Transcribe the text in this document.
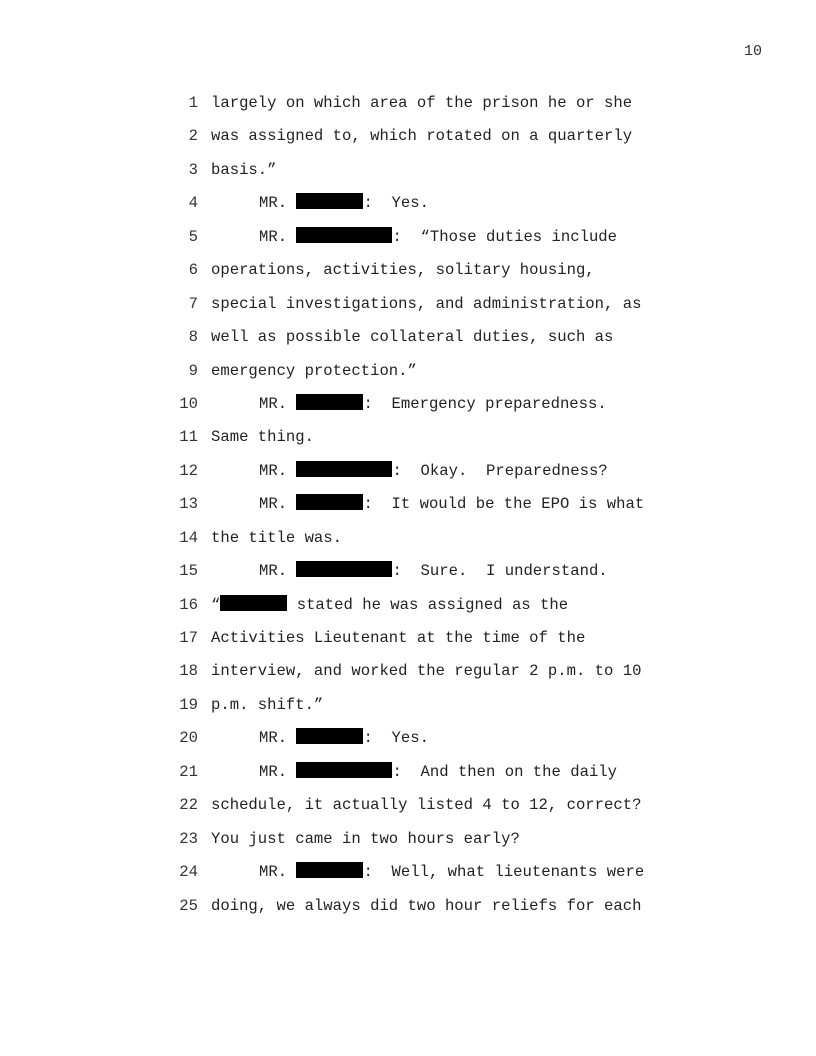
10
1 largely on which area of the prison he or she
2 was assigned to, which rotated on a quarterly
3 basis.”
4	MR.	:  Yes.
5	MR.	:  “Those duties include
6 operations, activities, solitary housing,
7 special investigations, and administration, as
8 well as possible collateral duties, such as
9 emergency protection.”
10	MR.	:  Emergency preparedness.
11 Same thing.
12	MR.	:  Okay.  Preparedness?
13	MR.	:  It would be the EPO is what
14 the title was.
15	MR.	:  Sure.  I understand.
16 “	stated he was assigned as the
17 Activities Lieutenant at the time of the
18 interview, and worked the regular 2 p.m. to 10
19 p.m. shift.”
20	MR.	:  Yes.
21	MR.	:  And then on the daily
22 schedule, it actually listed 4 to 12, correct?
23 You just came in two hours early?
24	MR.	:  Well, what lieutenants were
25 doing, we always did two hour reliefs for each
